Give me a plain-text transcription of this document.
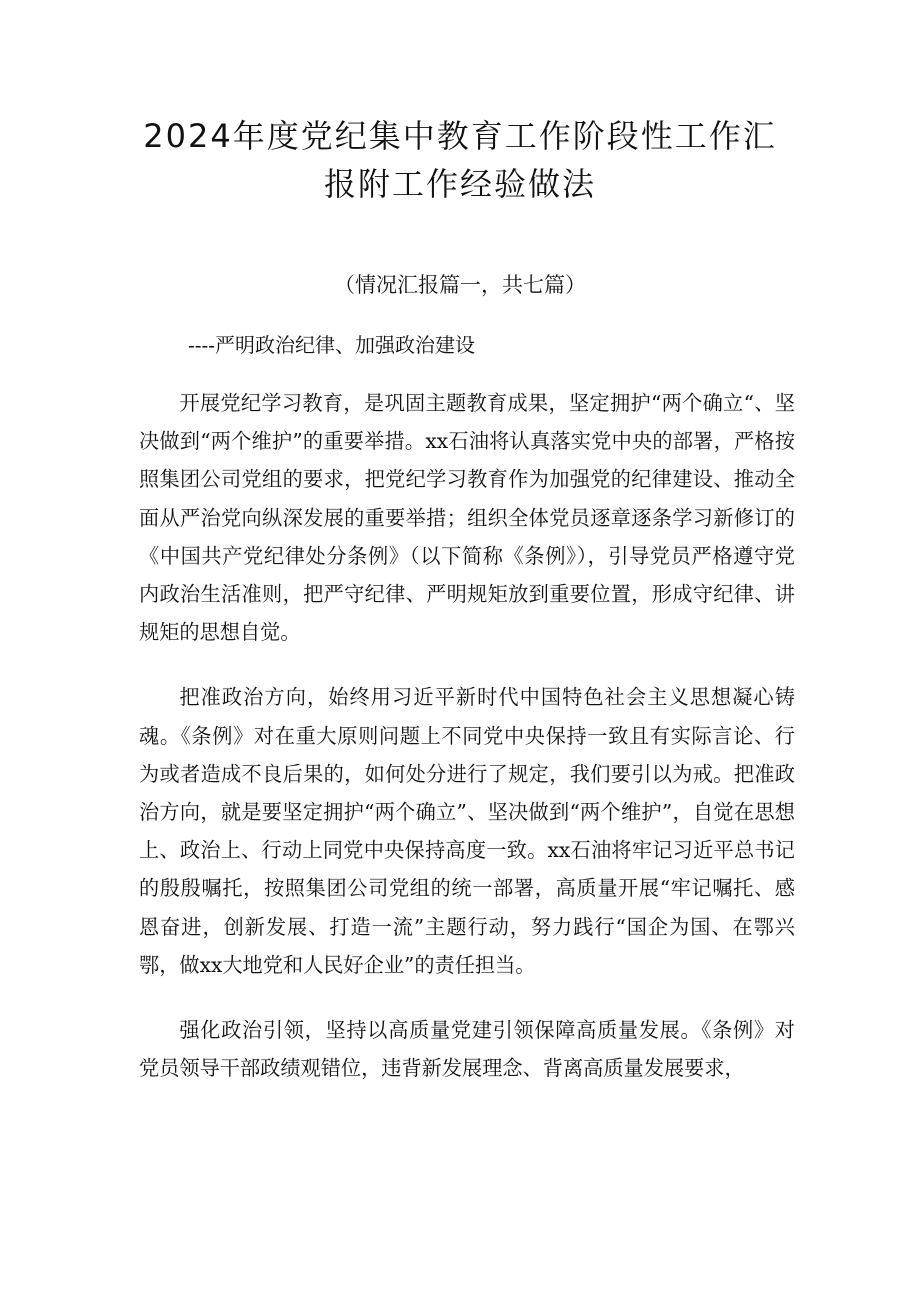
2024年度党纪集中教育工作阶段性工作汇
报附工作经验做法

（情况汇报篇一，共七篇）

----严明政治纪律、加强政治建设

开展党纪学习教育，是巩固主题教育成果，坚定拥护“两个确立“、坚决做到“两个维护”的重要举措。xx石油将认真落实党中央的部署，严格按照集团公司党组的要求，把党纪学习教育作为加强党的纪律建设、推动全面从严治党向纵深发展的重要举措；组织全体党员逐章逐条学习新修订的《中国共产党纪律处分条例》（以下简称《条例》），引导党员严格遵守党内政治生活准则，把严守纪律、严明规矩放到重要位置，形成守纪律、讲规矩的思想自觉。

把准政治方向，始终用习近平新时代中国特色社会主义思想凝心铸魂。《条例》对在重大原则问题上不同党中央保持一致且有实际言论、行为或者造成不良后果的，如何处分进行了规定，我们要引以为戒。把准政治方向，就是要坚定拥护“两个确立”、坚决做到“两个维护”，自觉在思想上、政治上、行动上同党中央保持高度一致。xx石油将牢记习近平总书记的殷殷嘱托，按照集团公司党组的统一部署，高质量开展“牢记嘱托、感恩奋进，创新发展、打造一流”主题行动，努力践行“国企为国、在鄂兴鄂，做xx大地党和人民好企业”的责任担当。

强化政治引领，坚持以高质量党建引领保障高质量发展。《条例》对党员领导干部政绩观错位，违背新发展理念、背离高质量发展要求，
